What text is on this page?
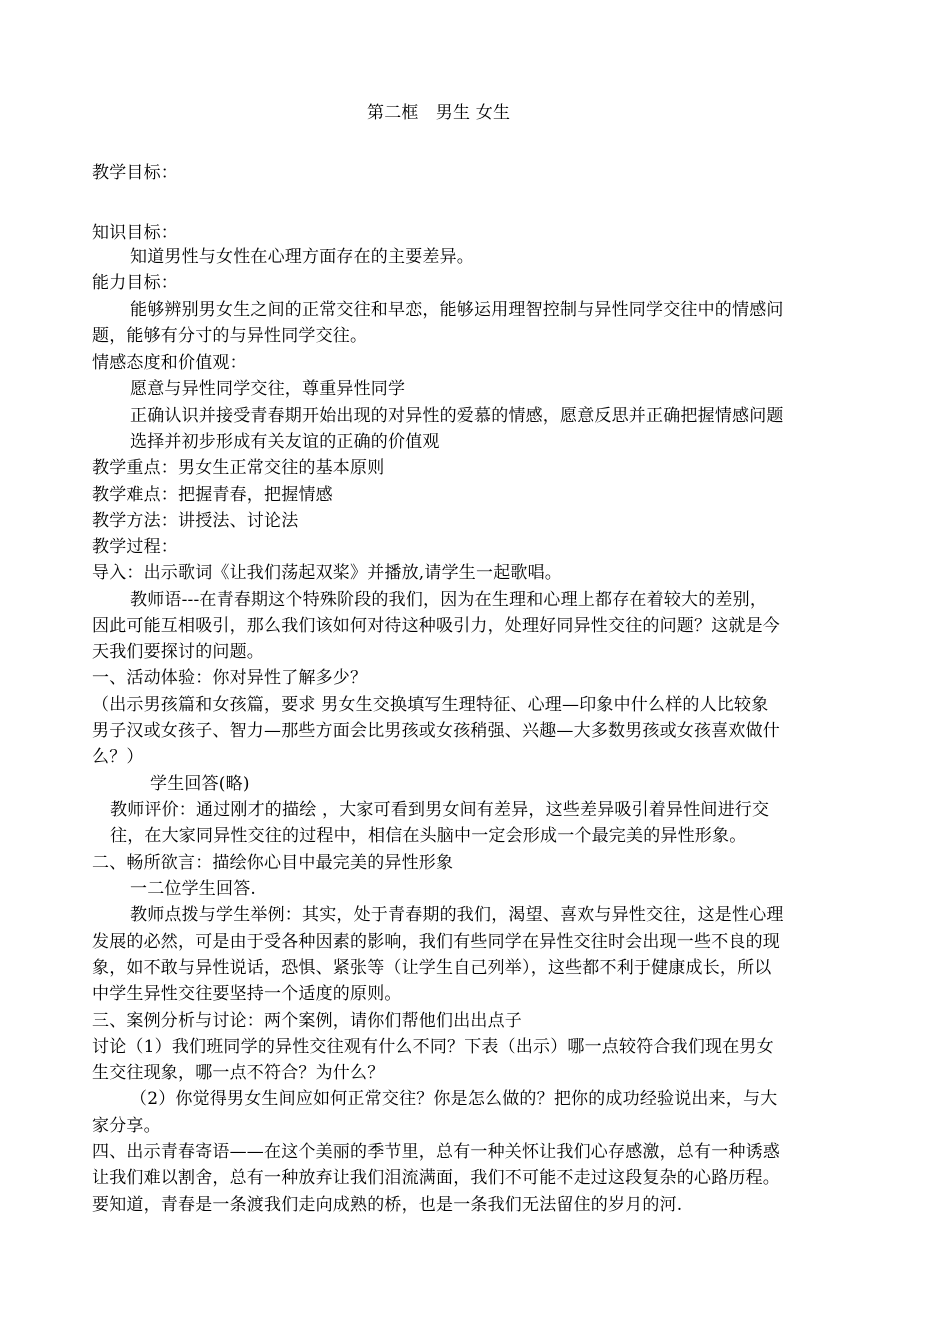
第二框　男生 女生
教学目标：
知识目标：
知道男性与女性在心理方面存在的主要差异。
能力目标：
能够辨别男女生之间的正常交往和早恋，能够运用理智控制与异性同学交往中的情感问
题，能够有分寸的与异性同学交往。
情感态度和价值观：
愿意与异性同学交往，尊重异性同学
正确认识并接受青春期开始出现的对异性的爱慕的情感，愿意反思并正确把握情感问题
选择并初步形成有关友谊的正确的价值观
教学重点：男女生正常交往的基本原则
教学难点：把握青春，把握情感
教学方法：讲授法、讨论法
教学过程：
导入：出示歌词《让我们荡起双桨》并播放,请学生一起歌唱。
教师语---在青春期这个特殊阶段的我们，因为在生理和心理上都存在着较大的差别，
因此可能互相吸引，那么我们该如何对待这种吸引力，处理好同异性交往的问题？这就是今
天我们要探讨的问题。
一、活动体验：你对异性了解多少？
（出示男孩篇和女孩篇，要求 男女生交换填写生理特征、心理—印象中什么样的人比较象
男子汉或女孩子、智力—那些方面会比男孩或女孩稍强、兴趣—大多数男孩或女孩喜欢做什
么？）
学生回答(略)
教师评价：通过刚才的描绘 ，大家可看到男女间有差异，这些差异吸引着异性间进行交
往，在大家同异性交往的过程中，相信在头脑中一定会形成一个最完美的异性形象。
二、畅所欲言：描绘你心目中最完美的异性形象
一二位学生回答.
教师点拨与学生举例：其实，处于青春期的我们，渴望、喜欢与异性交往，这是性心理
发展的必然，可是由于受各种因素的影响，我们有些同学在异性交往时会出现一些不良的现
象，如不敢与异性说话，恐惧、紧张等（让学生自己列举），这些都不利于健康成长，所以
中学生异性交往要坚持一个适度的原则。
三、案例分析与讨论：两个案例，请你们帮他们出出点子
讨论（1）我们班同学的异性交往观有什么不同？下表（出示）哪一点较符合我们现在男女
生交往现象，哪一点不符合？为什么？
（2）你觉得男女生间应如何正常交往？你是怎么做的？把你的成功经验说出来，与大
家分享。
四、出示青春寄语——在这个美丽的季节里，总有一种关怀让我们心存感激，总有一种诱惑
让我们难以割舍，总有一种放弃让我们泪流满面，我们不可能不走过这段复杂的心路历程。
要知道，青春是一条渡我们走向成熟的桥，也是一条我们无法留住的岁月的河.
